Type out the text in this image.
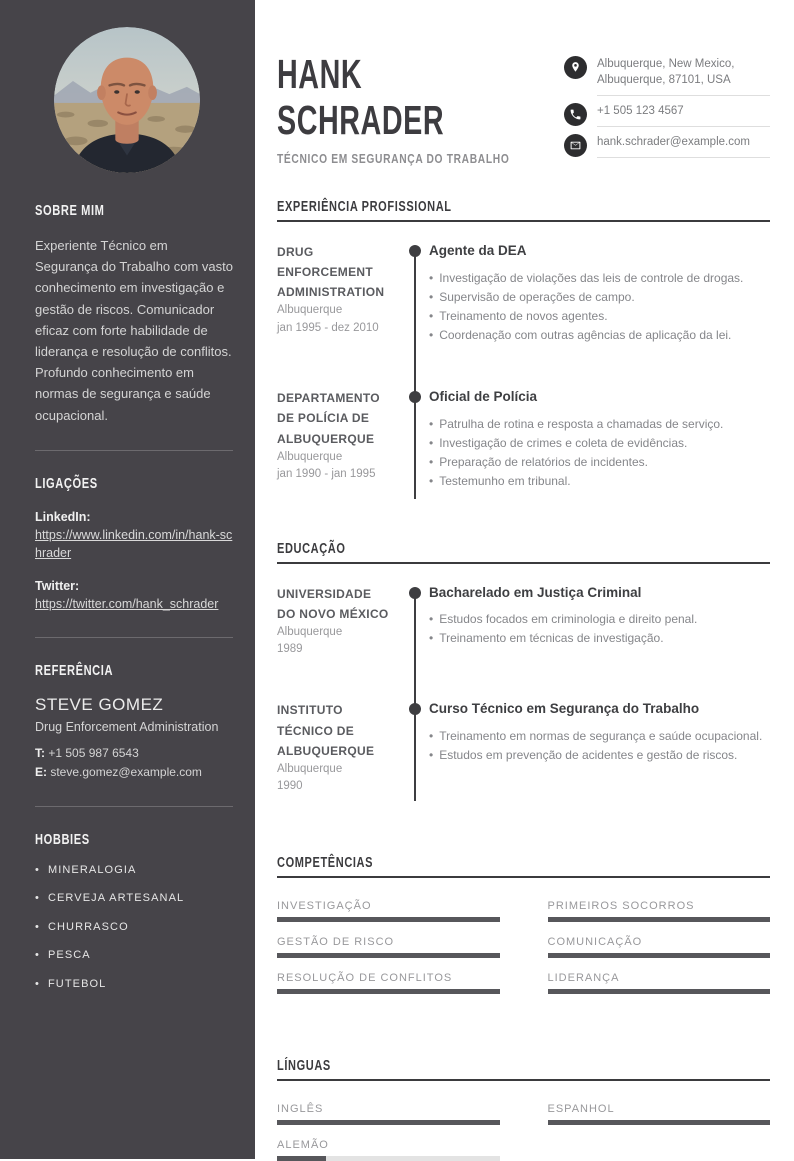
SOBRE MIM

Experiente Técnico em Segurança do Trabalho com vasto conhecimento em investigação e gestão de riscos. Comunicador eficaz com forte habilidade de liderança e resolução de conflitos. Profundo conhecimento em normas de segurança e saúde ocupacional.

LIGAÇÕES
LinkedIn:
https://www.linkedin.com/in/hank-schrader
Twitter:
https://twitter.com/hank_schrader
REFERÊNCIA
STEVE GOMEZ
Drug Enforcement Administration
T: +1 505 987 6543
E: steve.gomez@example.com
HOBBIES
• MINERALOGIA
• CERVEJA ARTESANAL
• CHURRASCO
• PESCA
• FUTEBOL
HANK
SCHRADER
TÉCNICO EM SEGURANÇA DO TRABALHO
Albuquerque, New Mexico, Albuquerque, 87101, USA
+1 505 123 4567
hank.schrader@example.com
EXPERIÊNCIA PROFISSIONAL
DRUG ENFORCEMENT ADMINISTRATION
Albuquerque
jan 1995 - dez 2010
Agente da DEA
• Investigação de violações das leis de controle de drogas.
• Supervisão de operações de campo.
• Treinamento de novos agentes.
• Coordenação com outras agências de aplicação da lei.
DEPARTAMENTO DE POLÍCIA DE ALBUQUERQUE
Albuquerque
jan 1990 - jan 1995
Oficial de Polícia
• Patrulha de rotina e resposta a chamadas de serviço.
• Investigação de crimes e coleta de evidências.
• Preparação de relatórios de incidentes.
• Testemunho em tribunal.
EDUCAÇÃO
UNIVERSIDADE DO NOVO MÉXICO
Albuquerque
1989
Bacharelado em Justiça Criminal
• Estudos focados em criminologia e direito penal.
• Treinamento em técnicas de investigação.
INSTITUTO TÉCNICO DE ALBUQUERQUE
Albuquerque
1990
Curso Técnico em Segurança do Trabalho
• Treinamento em normas de segurança e saúde ocupacional.
• Estudos em prevenção de acidentes e gestão de riscos.
COMPETÊNCIAS
INVESTIGAÇÃO	PRIMEIROS SOCORROS
GESTÃO DE RISCO	COMUNICAÇÃO
RESOLUÇÃO DE CONFLITOS	LIDERANÇA
LÍNGUAS
INGLÊS	ESPANHOL
ALEMÃO
